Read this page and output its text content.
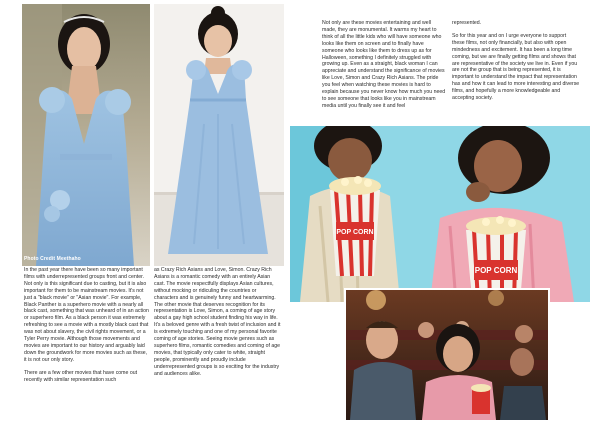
Photo Credit Meethaho

In the past year there have been so many important films with underrepresented groups front and center. Not only is this significant due to casting, but it is also important for them to be mainstream movies. It's not just a "black movie" or "Asian movie". For example, Black Panther is a superhero movie with a nearly all black cast, something that was unheard of in an action or superhero film. As a black person it was extremely refreshing to see a movie with a mostly black cast that was not about slavery, the civil rights movement, or a Tyler Perry movie. Although those movements and movies are important to our history and arguably laid down the groundwork for more movies such as these, it is not our only story.

There are a few other movies that have come out recently with similar representation such

as Crazy Rich Asians and Love, Simon. Crazy Rich Asians is a romantic comedy with an entirely Asian cast. The movie respectfully displays Asian cultures, without mocking or ridiculing the countries or characters and is genuinely funny and heartwarming. The other movie that deserves recognition for its representation is Love, Simon, a coming of age story about a gay high school student finding his way in life. It's a beloved genre with a fresh twist of inclusion and it is extremely touching and one of my personal favorite coming of age stories. Seeing movie genres such as superhero films, romantic comedies and coming of age movies, that typically only cater to white, straight people, prominently and proudly include underrepresented groups is so exciting for the industry and audiences alike.

Not only are these movies entertaining and well made, they are monumental. It warms my heart to think of all the little kids who will have someone who looks like them on screen and to finally have someone who looks like them to dress up as for Halloween, something I definitely struggled with growing up. Even as a straight, black woman I can appreciate and understand the significance of movies like Love, Simon and Crazy Rich Asians. The pride you feel when watching these movies is hard to explain because you never know how much you need to see someone that looks like you in mainstream media until you finally see it and feel

represented.

So for this year and on I urge everyone to support these films, not only financially, but also with open mindedness and excitement. It has been a long time coming, but we are finally getting films and shows that are representative of the society we live in. Even if you are not the group that is being represented, it is important to understand the impact that representation has and how it can lead to more interesting and diverse films, and hopefully a more knowledgeable and accepting society.

POP CORN
POP CORN
